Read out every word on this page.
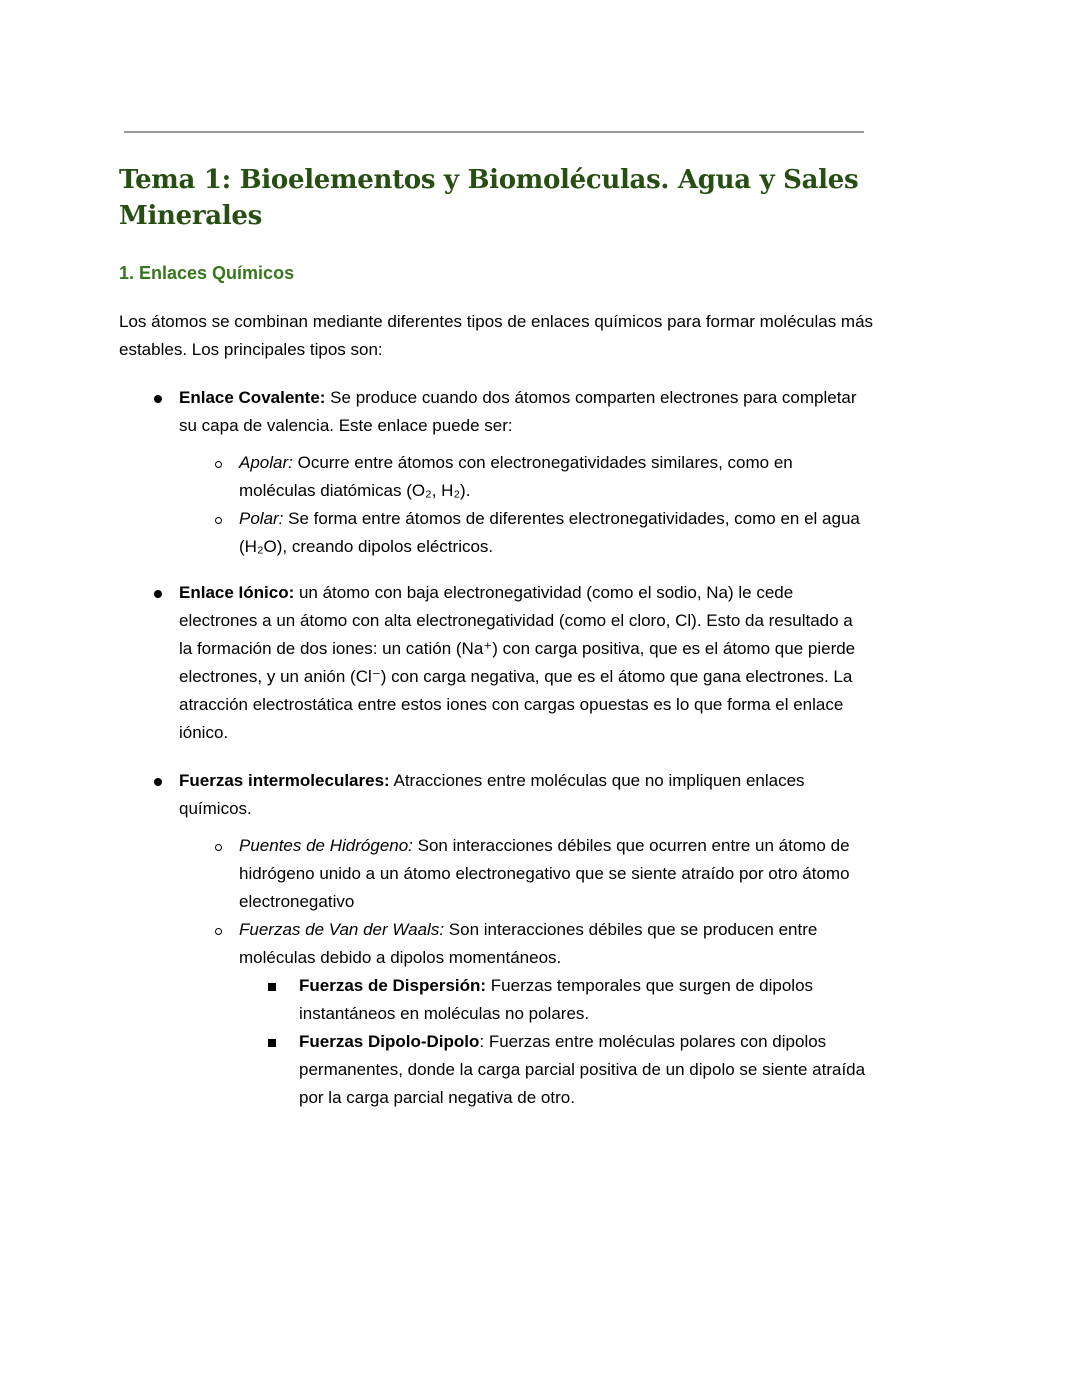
Tema 1: Bioelementos y Biomoléculas. Agua y Sales Minerales
1. Enlaces Químicos

Los átomos se combinan mediante diferentes tipos de enlaces químicos para formar moléculas más estables. Los principales tipos son:

Enlace Covalente: Se produce cuando dos átomos comparten electrones para completar su capa de valencia. Este enlace puede ser:
Apolar: Ocurre entre átomos con electronegatividades similares, como en moléculas diatómicas (O₂, H₂).
Polar: Se forma entre átomos de diferentes electronegatividades, como en el agua (H₂O), creando dipolos eléctricos.
Enlace Iónico: un átomo con baja electronegatividad (como el sodio, Na) le cede electrones a un átomo con alta electronegatividad (como el cloro, Cl). Esto da resultado a la formación de dos iones: un catión (Na⁺) con carga positiva, que es el átomo que pierde electrones, y un anión (Cl⁻) con carga negativa, que es el átomo que gana electrones. La atracción electrostática entre estos iones con cargas opuestas es lo que forma el enlace iónico.
Fuerzas intermoleculares: Atracciones entre moléculas que no impliquen enlaces químicos.
Puentes de Hidrógeno: Son interacciones débiles que ocurren entre un átomo de hidrógeno unido a un átomo electronegativo que se siente atraído por otro átomo electronegativo
Fuerzas de Van der Waals: Son interacciones débiles que se producen entre moléculas debido a dipolos momentáneos.
Fuerzas de Dispersión: Fuerzas temporales que surgen de dipolos instantáneos en moléculas no polares.
Fuerzas Dipolo-Dipolo: Fuerzas entre moléculas polares con dipolos permanentes, donde la carga parcial positiva de un dipolo se siente atraída por la carga parcial negativa de otro.
